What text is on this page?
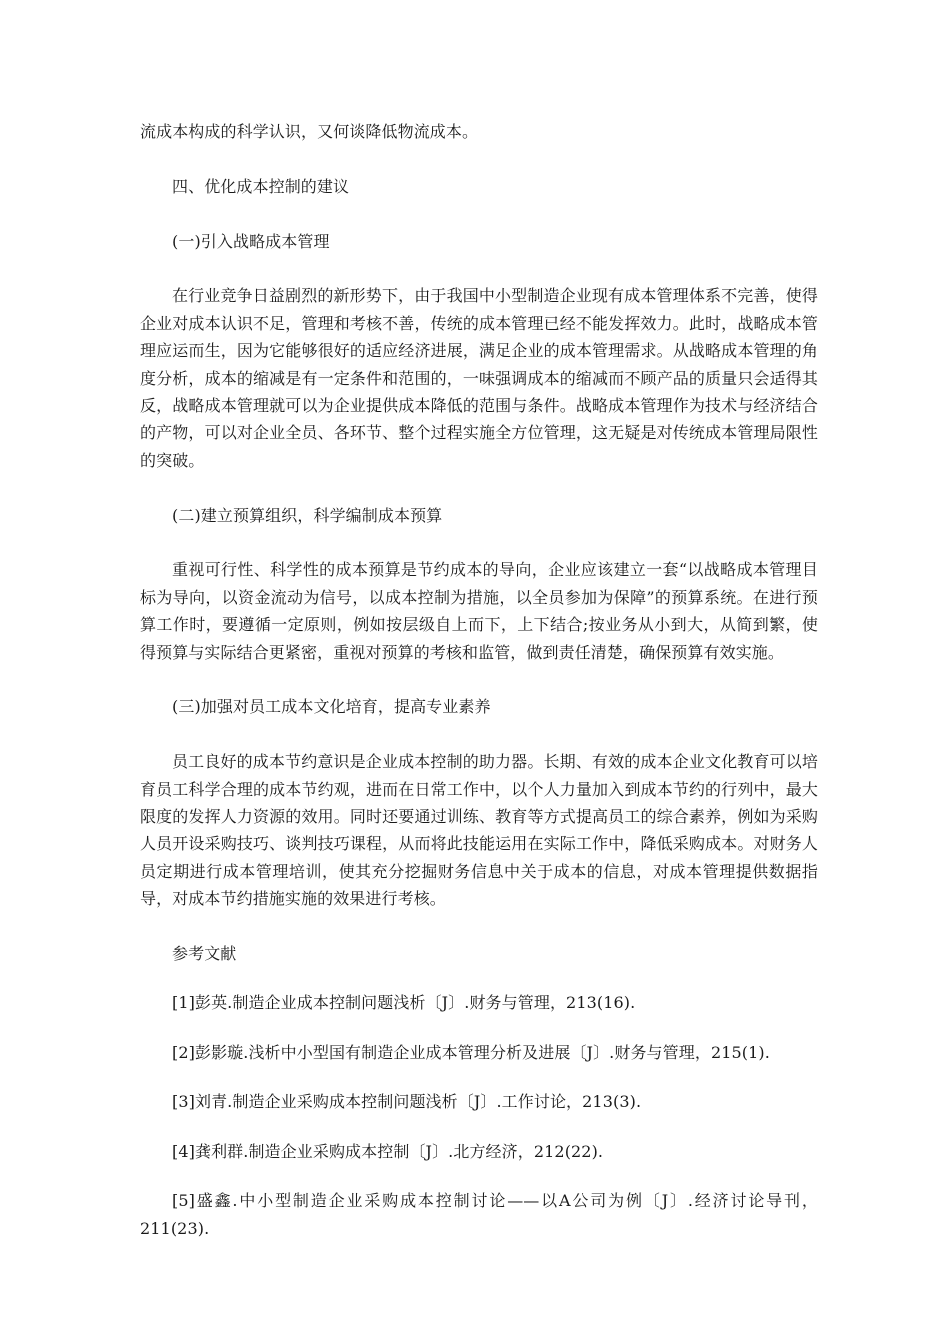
流成本构成的科学认识，又何谈降低物流成本。

四、优化成本控制的建议

(一)引入战略成本管理

在行业竞争日益剧烈的新形势下，由于我国中小型制造企业现有成本管理体系不完善，使得企业对成本认识不足，管理和考核不善，传统的成本管理已经不能发挥效力。此时，战略成本管理应运而生，因为它能够很好的适应经济进展，满足企业的成本管理需求。从战略成本管理的角度分析，成本的缩减是有一定条件和范围的，一味强调成本的缩减而不顾产品的质量只会适得其反，战略成本管理就可以为企业提供成本降低的范围与条件。战略成本管理作为技术与经济结合的产物，可以对企业全员、各环节、整个过程实施全方位管理，这无疑是对传统成本管理局限性的突破。

(二)建立预算组织，科学编制成本预算

重视可行性、科学性的成本预算是节约成本的导向，企业应该建立一套“以战略成本管理目标为导向，以资金流动为信号，以成本控制为措施，以全员参加为保障”的预算系统。在进行预算工作时，要遵循一定原则，例如按层级自上而下，上下结合;按业务从小到大，从简到繁，使得预算与实际结合更紧密，重视对预算的考核和监管，做到责任清楚，确保预算有效实施。

(三)加强对员工成本文化培育，提高专业素养

员工良好的成本节约意识是企业成本控制的助力器。长期、有效的成本企业文化教育可以培育员工科学合理的成本节约观，进而在日常工作中，以个人力量加入到成本节约的行列中，最大限度的发挥人力资源的效用。同时还要通过训练、教育等方式提高员工的综合素养，例如为采购人员开设采购技巧、谈判技巧课程，从而将此技能运用在实际工作中，降低采购成本。对财务人员定期进行成本管理培训，使其充分挖掘财务信息中关于成本的信息，对成本管理提供数据指导，对成本节约措施实施的效果进行考核。

参考文献

[1]彭英.制造企业成本控制问题浅析〔J〕.财务与管理，213(16).

[2]彭影璇.浅析中小型国有制造企业成本管理分析及进展〔J〕.财务与管理，215(1).

[3]刘青.制造企业采购成本控制问题浅析〔J〕.工作讨论，213(3).

[4]龚利群.制造企业采购成本控制〔J〕.北方经济，212(22).

[5]盛鑫.中小型制造企业采购成本控制讨论——以A公司为例〔J〕.经济讨论导刊，211(23).
